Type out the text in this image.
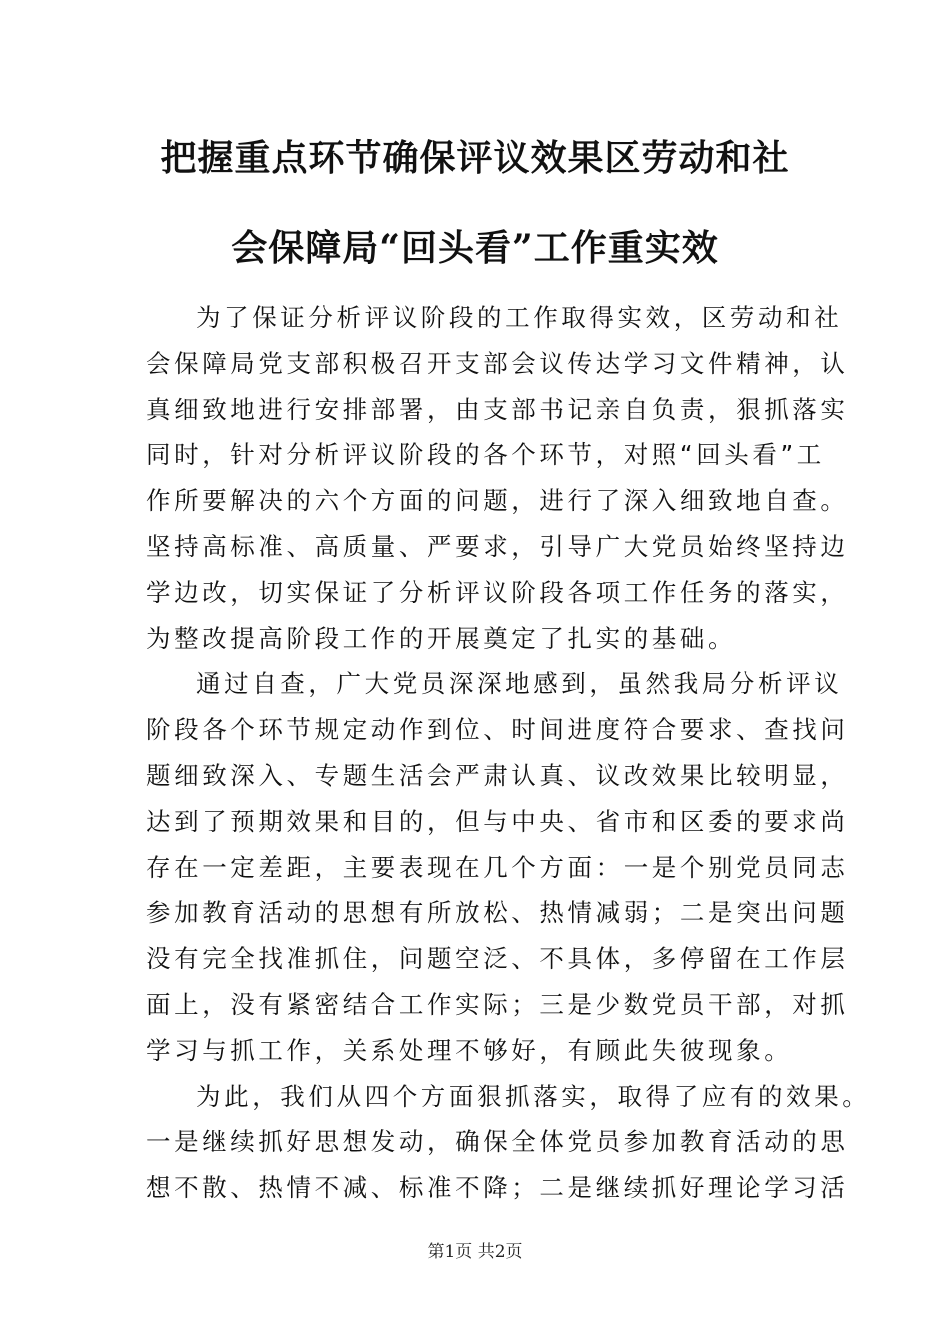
把握重点环节确保评议效果区劳动和社
会保障局“回头看”工作重实效
为了保证分析评议阶段的工作取得实效，区劳动和社
会保障局党支部积极召开支部会议传达学习文件精神，认
真细致地进行安排部署，由支部书记亲自负责，狠抓落实
同时，针对分析评议阶段的各个环节，对照“回头看”工
作所要解决的六个方面的问题，进行了深入细致地自查。
坚持高标准、高质量、严要求，引导广大党员始终坚持边
学边改，切实保证了分析评议阶段各项工作任务的落实，
为整改提高阶段工作的开展奠定了扎实的基础。
通过自查，广大党员深深地感到，虽然我局分析评议
阶段各个环节规定动作到位、时间进度符合要求、查找问
题细致深入、专题生活会严肃认真、议改效果比较明显，
达到了预期效果和目的，但与中央、省市和区委的要求尚
存在一定差距，主要表现在几个方面：一是个别党员同志
参加教育活动的思想有所放松、热情减弱；二是突出问题
没有完全找准抓住，问题空泛、不具体，多停留在工作层
面上，没有紧密结合工作实际；三是少数党员干部，对抓
学习与抓工作，关系处理不够好，有顾此失彼现象。
为此，我们从四个方面狠抓落实，取得了应有的效果。
一是继续抓好思想发动，确保全体党员参加教育活动的思
想不散、热情不减、标准不降；二是继续抓好理论学习活
第1页 共2页
